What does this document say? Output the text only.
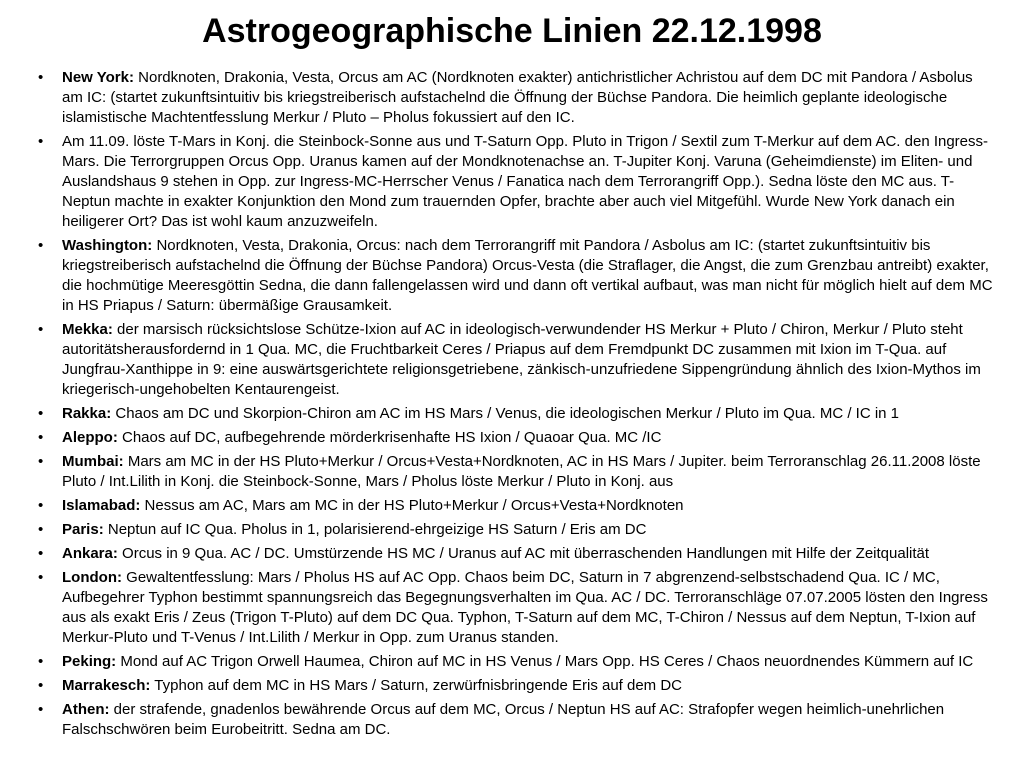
Astrogeographische Linien 22.12.1998
•
New York: Nordknoten, Drakonia, Vesta, Orcus am AC (Nordknoten exakter) antichristlicher Achristou auf dem DC mit Pandora / Asbolus am IC: (startet zukunftsintuitiv bis kriegstreiberisch aufstachelnd die Öffnung der Büchse Pandora. Die heimlich geplante ideologische islamistische Machtentfesslung Merkur / Pluto – Pholus fokussiert auf den IC.
•
Am 11.09. löste T-Mars in Konj. die Steinbock-Sonne aus und T-Saturn Opp. Pluto in Trigon / Sextil zum T-Merkur auf dem AC. den Ingress-Mars. Die Terrorgruppen Orcus Opp. Uranus kamen auf der Mondknotenachse an. T-Jupiter Konj. Varuna (Geheimdienste) im Eliten- und Auslandshaus 9 stehen in Opp. zur Ingress-MC-Herrscher Venus / Fanatica nach dem Terrorangriff Opp.). Sedna löste den MC aus. T-Neptun machte in exakter Konjunktion den Mond zum trauernden Opfer, brachte aber auch viel Mitgefühl. Wurde New York danach ein heiligerer Ort? Das ist wohl kaum anzuzweifeln.
•
Washington: Nordknoten, Vesta, Drakonia, Orcus: nach dem Terrorangriff mit Pandora / Asbolus am IC: (startet zukunftsintuitiv bis kriegstreiberisch aufstachelnd die Öffnung der Büchse Pandora) Orcus-Vesta (die Straflager, die Angst, die zum Grenzbau antreibt) exakter, die hochmütige Meeresgöttin Sedna, die dann fallengelassen wird und dann oft vertikal aufbaut, was man nicht für möglich hielt auf dem MC in HS Priapus / Saturn: übermäßige Grausamkeit.
•
Mekka: der marsisch rücksichtslose Schütze-Ixion auf AC in ideologisch-verwundender HS Merkur + Pluto / Chiron, Merkur / Pluto steht autoritätsherausfordernd in 1 Qua. MC, die Fruchtbarkeit Ceres / Priapus auf dem Fremdpunkt DC zusammen mit Ixion im T-Qua. auf Jungfrau-Xanthippe in 9: eine auswärtsgerichtete religionsgetriebene, zänkisch-unzufriedene Sippengründung ähnlich des Ixion-Mythos im kriegerisch-ungehobelten Kentaurengeist.
•
Rakka: Chaos am DC und Skorpion-Chiron am AC im HS Mars / Venus, die ideologischen Merkur / Pluto im Qua. MC / IC in 1
•
Aleppo: Chaos auf DC, aufbegehrende mörderkrisenhafte HS Ixion / Quaoar Qua. MC /IC
•
Mumbai: Mars am MC in der HS Pluto+Merkur / Orcus+Vesta+Nordknoten, AC in HS Mars / Jupiter. beim Terroranschlag 26.11.2008 löste Pluto / Int.Lilith in Konj. die Steinbock-Sonne, Mars / Pholus löste Merkur / Pluto in Konj. aus
•
Islamabad: Nessus am AC, Mars am MC in der HS Pluto+Merkur / Orcus+Vesta+Nordknoten
•
Paris: Neptun auf IC Qua. Pholus in 1, polarisierend-ehrgeizige HS Saturn / Eris am DC
•
Ankara: Orcus in 9 Qua. AC / DC. Umstürzende HS MC / Uranus auf AC mit überraschenden Handlungen mit Hilfe der Zeitqualität
•
London: Gewaltentfesslung: Mars / Pholus HS auf AC Opp. Chaos beim DC, Saturn in 7 abgrenzend-selbstschadend Qua. IC / MC, Aufbegehrer Typhon bestimmt spannungsreich das Begegnungsverhalten im Qua. AC / DC. Terroranschläge 07.07.2005 lösten den Ingress aus als exakt Eris / Zeus (Trigon T-Pluto) auf dem DC Qua. Typhon, T-Saturn auf dem MC, T-Chiron / Nessus auf dem Neptun, T-Ixion auf Merkur-Pluto und T-Venus / Int.Lilith / Merkur in Opp. zum Uranus standen.
•
Peking: Mond auf AC Trigon Orwell Haumea, Chiron auf MC in HS Venus / Mars Opp. HS Ceres / Chaos neuordnendes Kümmern auf IC
•
Marrakesch: Typhon auf dem MC in HS Mars / Saturn, zerwürfnisbringende Eris auf dem DC
•
Athen: der strafende, gnadenlos bewährende Orcus auf dem MC, Orcus / Neptun HS auf AC: Strafopfer wegen heimlich-unehrlichen Falschschwören beim Eurobeitritt. Sedna am DC.
